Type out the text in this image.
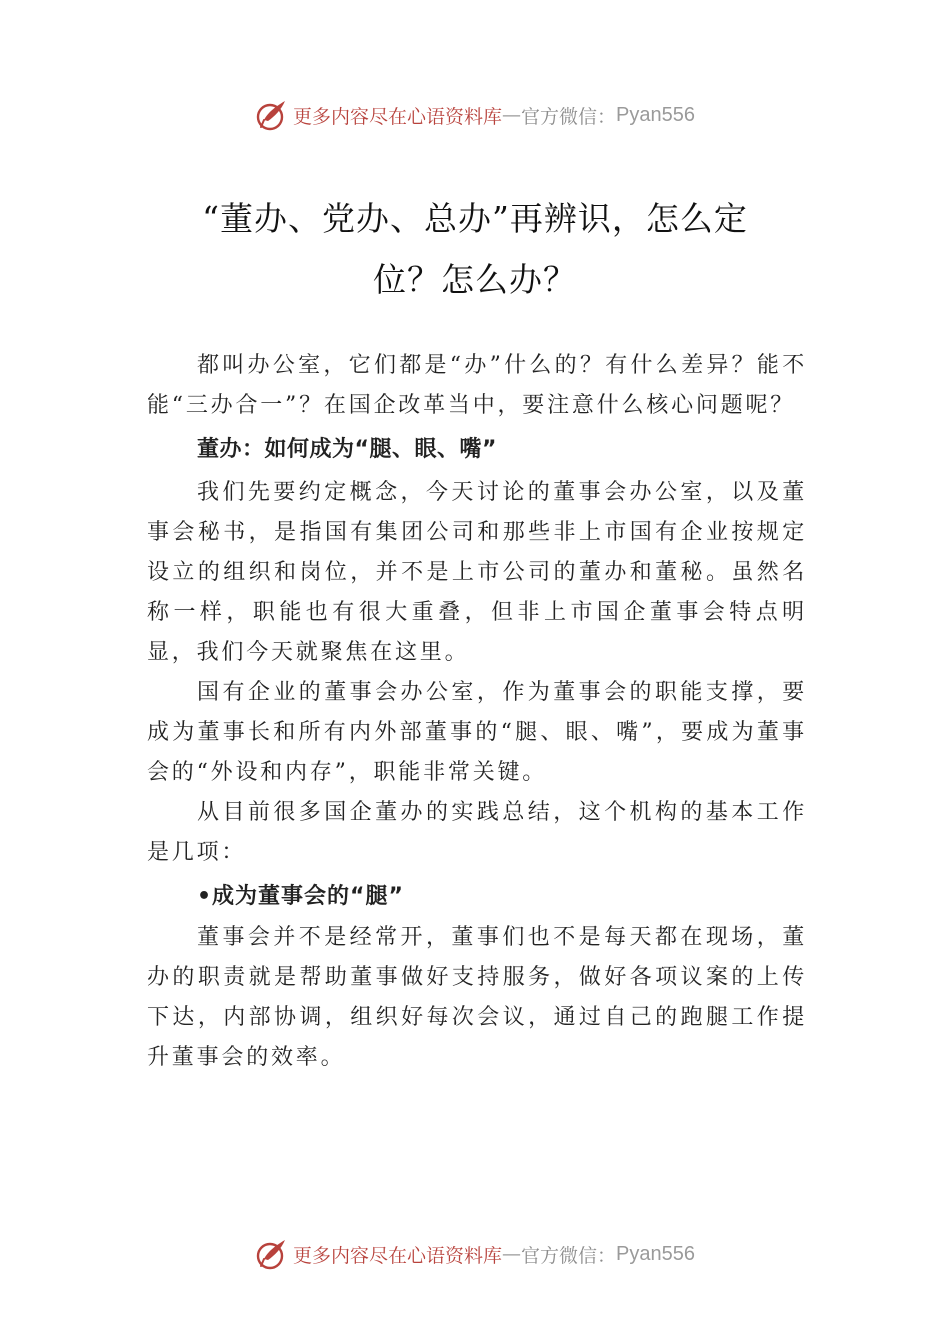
更多内容尽在心语资料库 — 官方微信： Pyan556
“董办、党办、总办”再辨识，怎么定
位？怎么办？

都叫办公室，它们都是“办”什么的？有什么差异？能不能“三办合一”？在国企改革当中，要注意什么核心问题呢？

董办：如何成为“腿、眼、嘴”

我们先要约定概念，今天讨论的董事会办公室，以及董事会秘书，是指国有集团公司和那些非上市国有企业按规定设立的组织和岗位，并不是上市公司的董办和董秘。虽然名称一样，职能也有很大重叠，但非上市国企董事会特点明显，我们今天就聚焦在这里。

国有企业的董事会办公室，作为董事会的职能支撑，要成为董事长和所有内外部董事的“腿、眼、嘴”，要成为董事会的“外设和内存”，职能非常关键。

从目前很多国企董办的实践总结，这个机构的基本工作是几项：

•成为董事会的“腿”

董事会并不是经常开，董事们也不是每天都在现场，董办的职责就是帮助董事做好支持服务，做好各项议案的上传下达，内部协调，组织好每次会议，通过自己的跑腿工作提升董事会的效率。

更多内容尽在心语资料库 — 官方微信： Pyan556
